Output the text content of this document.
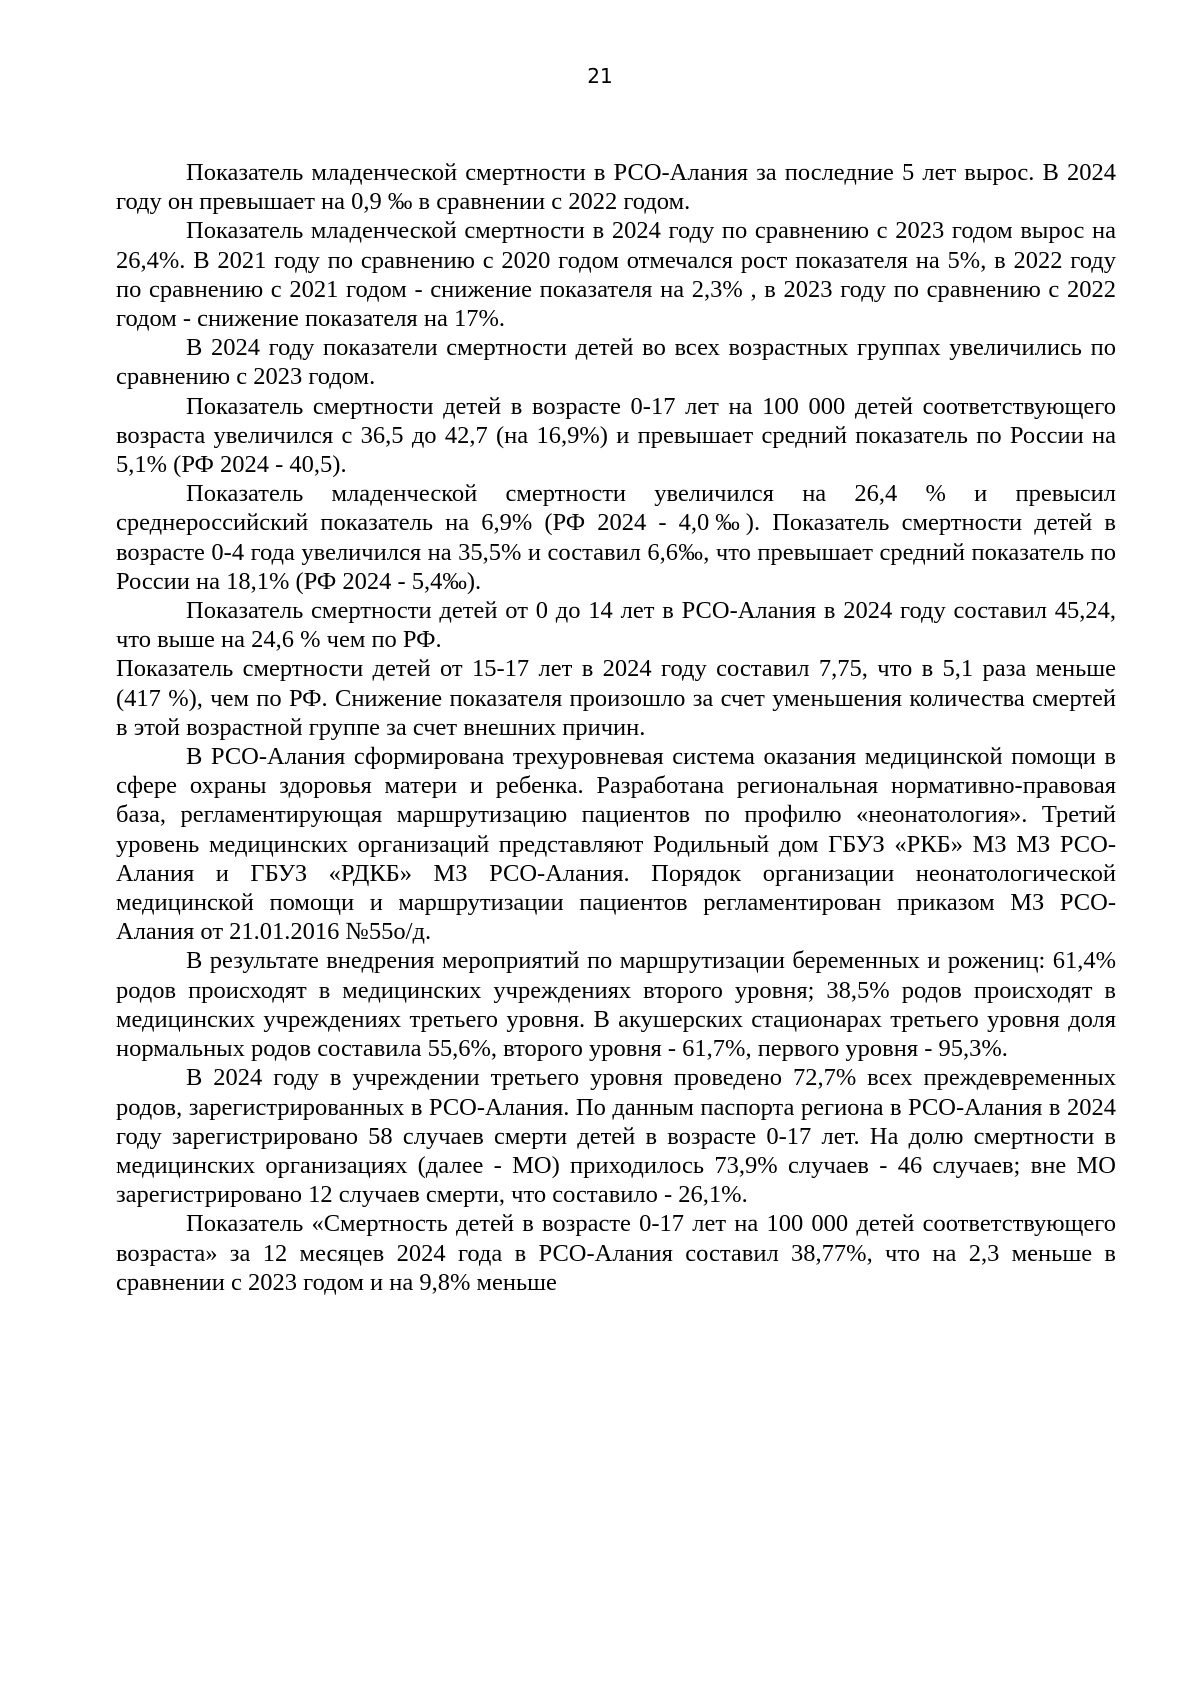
21

Показатель младенческой смертности в РСО-Алания за последние 5 лет вырос. В 2024 году он превышает на 0,9 ‰ в сравнении с 2022 годом.

Показатель младенческой смертности в 2024 году по сравнению с 2023 годом вырос на 26,4%. В 2021 году по сравнению с 2020 годом отмечался рост показателя на 5%, в 2022 году по сравнению с 2021 годом - снижение показателя на 2,3% , в 2023 году по сравнению с 2022 годом - снижение показателя на 17%.

В 2024 году показатели смертности детей во всех возрастных группах увеличились по сравнению с 2023 годом.

Показатель смертности детей в возрасте 0-17 лет на 100 000 детей соответствующего возраста увеличился с 36,5 до 42,7 (на 16,9%) и превышает средний показатель по России на 5,1% (РФ 2024 - 40,5).

Показатель младенческой смертности увеличился на 26,4 % и превысил среднероссийский показатель на 6,9% (РФ 2024 - 4,0‰). Показатель смертности детей в возрасте 0-4 года увеличился на 35,5% и составил 6,6‰, что превышает средний показатель по России на 18,1% (РФ 2024 - 5,4‰).

Показатель смертности детей от 0 до 14 лет в РСО-Алания в 2024 году составил 45,24, что выше на 24,6 % чем по РФ.

Показатель смертности детей от 15-17 лет в 2024 году составил 7,75, что в 5,1 раза меньше (417 %), чем по РФ. Снижение показателя произошло за счет уменьшения количества смертей в этой возрастной группе за счет внешних причин.

В РСО-Алания сформирована трехуровневая система оказания медицинской помощи в сфере охраны здоровья матери и ребенка. Разработана региональная нормативно-правовая база, регламентирующая маршрутизацию пациентов по профилю «неонатология». Третий уровень медицинских организаций представляют Родильный дом ГБУЗ «РКБ» МЗ МЗ РСО-Алания и ГБУЗ «РДКБ» МЗ РСО-Алания. Порядок организации неонатологической медицинской помощи и маршрутизации пациентов регламентирован приказом МЗ РСО-Алания от 21.01.2016 №55о/д.

В результате внедрения мероприятий по маршрутизации беременных и рожениц: 61,4% родов происходят в медицинских учреждениях второго уровня; 38,5% родов происходят в медицинских учреждениях третьего уровня. В акушерских стационарах третьего уровня доля нормальных родов составила 55,6%, второго уровня - 61,7%, первого уровня - 95,3%.

В 2024 году в учреждении третьего уровня проведено 72,7% всех преждевременных родов, зарегистрированных в РСО-Алания. По данным паспорта региона в РСО-Алания в 2024 году зарегистрировано 58 случаев смерти детей в возрасте 0-17 лет. На долю смертности в медицинских организациях (далее - МО) приходилось 73,9% случаев - 46 случаев; вне МО зарегистрировано 12 случаев смерти, что составило - 26,1%.

Показатель «Смертность детей в возрасте 0-17 лет на 100 000 детей соответствующего возраста» за 12 месяцев 2024 года в РСО-Алания составил 38,77%, что на 2,3 меньше в сравнении с 2023 годом и на 9,8% меньше
